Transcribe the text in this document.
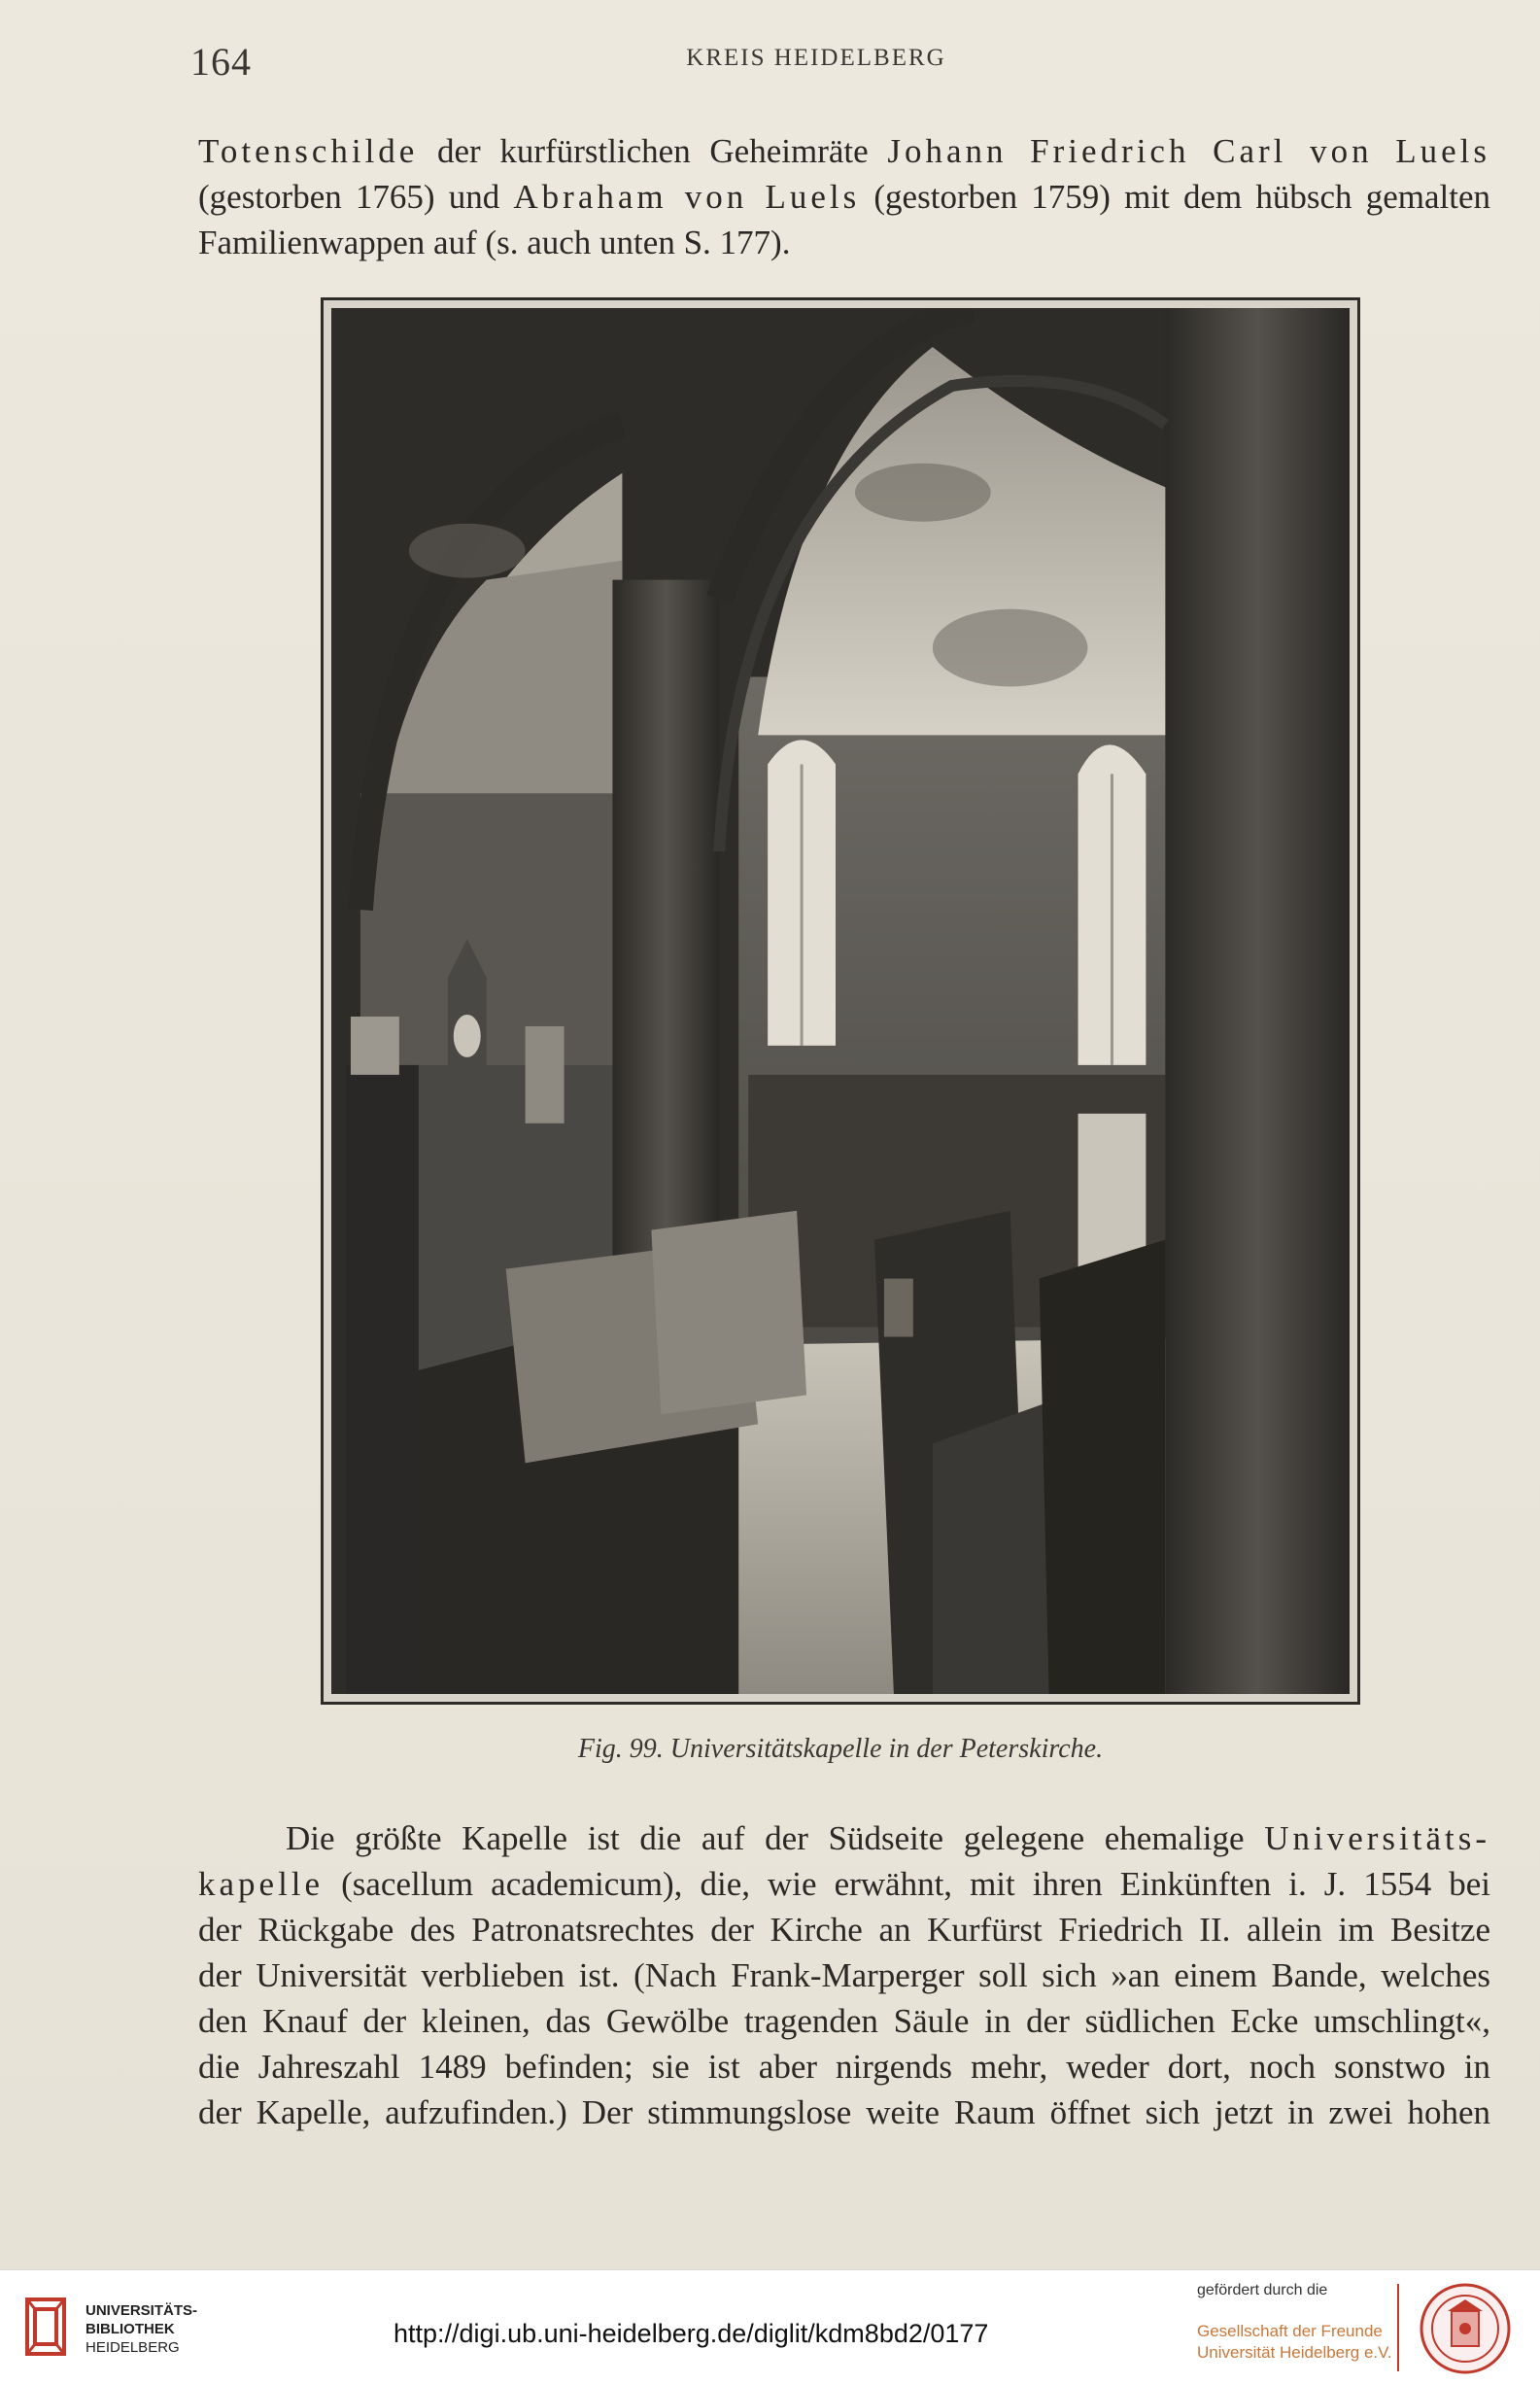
164	KREIS HEIDELBERG
Totenschilde der kurfürstlichen Geheimräte Johann Friedrich Carl von Luels
(gestorben 1765) und Abraham von Luels (gestorben 1759) mit dem hübsch gemalten
Familienwappen auf (s. auch unten S. 177).
Fig. 99. Universitätskapelle in der Peterskirche.
Die größte Kapelle ist die auf der Südseite gelegene ehemalige Universitäts-
kapelle (sacellum academicum), die, wie erwähnt, mit ihren Einkünften i. J. 1554 bei
der Rückgabe des Patronatsrechtes der Kirche an Kurfürst Friedrich II. allein im Besitze
der Universität verblieben ist. (Nach Frank-Marperger soll sich »an einem Bande, welches
den Knauf der kleinen, das Gewölbe tragenden Säule in der südlichen Ecke umschlingt«,
die Jahreszahl 1489 befinden; sie ist aber nirgends mehr, weder dort, noch sonstwo in
der Kapelle, aufzufinden.) Der stimmungslose weite Raum öffnet sich jetzt in zwei hohen
UNIVERSITÄTS-
BIBLIOTHEK
HEIDELBERG	http://digi.ub.uni-heidelberg.de/diglit/kdm8bd2/0177
gefördert durch die
Gesellschaft der Freunde
Universität Heidelberg e.V.
